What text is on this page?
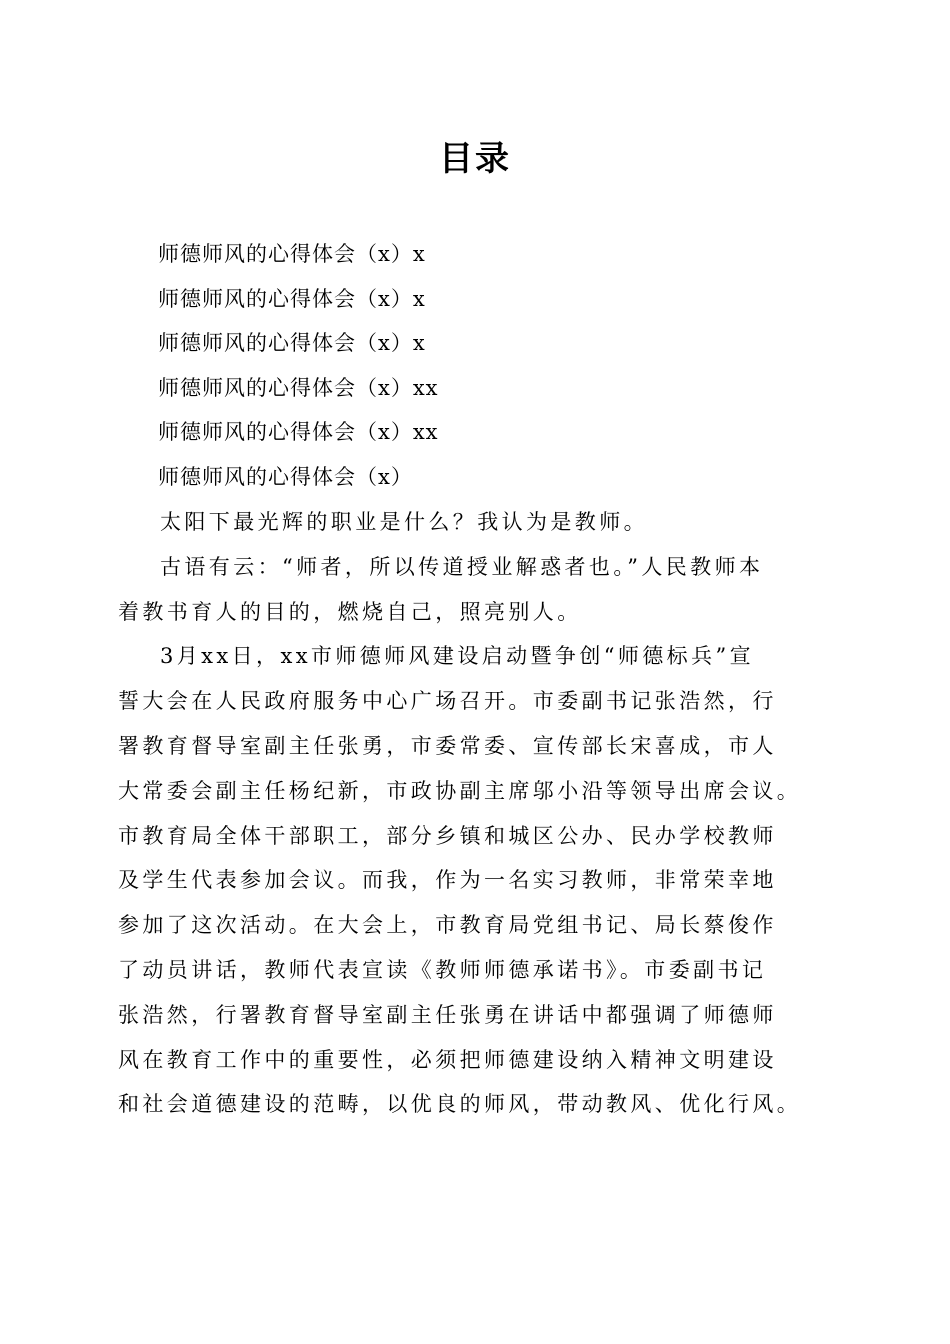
目录
师德师风的心得体会（x）x
师德师风的心得体会（x）x
师德师风的心得体会（x）x
师德师风的心得体会（x）xx
师德师风的心得体会（x）xx
师德师风的心得体会（x）
太阳下最光辉的职业是什么？我认为是教师。
古语有云：“师者，所以传道授业解惑者也。”人民教师本
着教书育人的目的，燃烧自己，照亮别人。
3月xx日，xx市师德师风建设启动暨争创“师德标兵”宣
誓大会在人民政府服务中心广场召开。市委副书记张浩然，行
署教育督导室副主任张勇，市委常委、宣传部长宋喜成，市人
大常委会副主任杨纪新，市政协副主席邬小沿等领导出席会议。
市教育局全体干部职工，部分乡镇和城区公办、民办学校教师
及学生代表参加会议。而我，作为一名实习教师，非常荣幸地
参加了这次活动。在大会上，市教育局党组书记、局长蔡俊作
了动员讲话，教师代表宣读《教师师德承诺书》。市委副书记
张浩然，行署教育督导室副主任张勇在讲话中都强调了师德师
风在教育工作中的重要性，必须把师德建设纳入精神文明建设
和社会道德建设的范畴，以优良的师风，带动教风、优化行风。
